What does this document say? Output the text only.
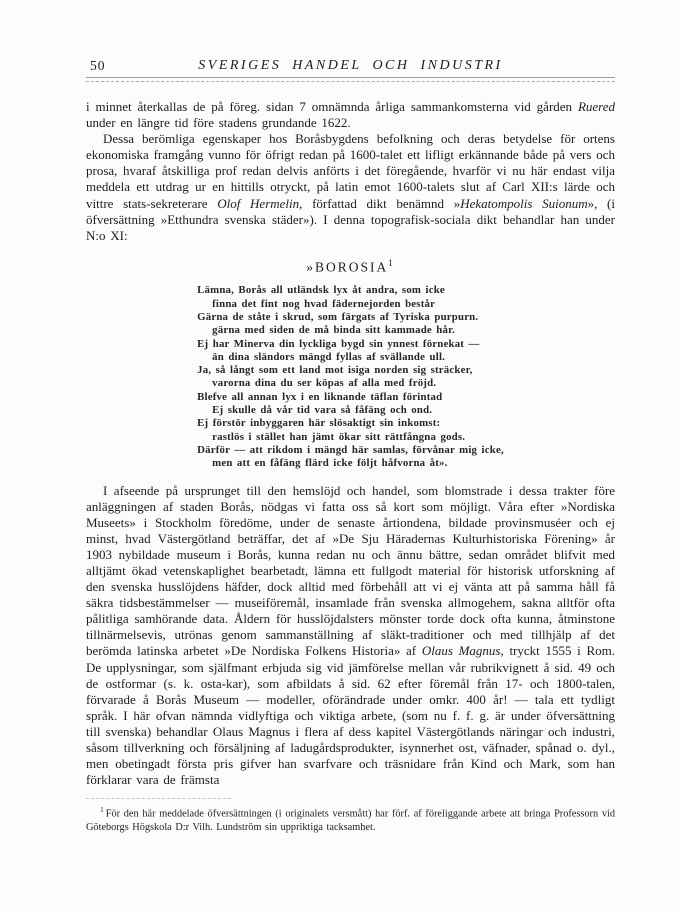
50	SVERIGES HANDEL OCH INDUSTRI

i minnet återkallas de på föreg. sidan 7 omnämnda årliga sammankomsterna vid gården Ruered under en längre tid före stadens grundande 1622.

Dessa berömliga egenskaper hos Boråsbygdens befolkning och deras betydelse för ortens ekonomiska framgång vunno för öfrigt redan på 1600-talet ett lifligt erkännande både på vers och prosa, hvaraf åtskilliga prof redan delvis anförts i det föregående, hvarför vi nu här endast vilja meddela ett utdrag ur en hittills otryckt, på latin emot 1600-talets slut af Carl XII:s lärde och vittre stats-sekreterare Olof Hermelin, författad dikt benämnd »Hekatompolis Suionum», (i öfversättning »Etthundra svenska städer»). I denna topografisk-sociala dikt behandlar han under N:o XI:

»BOROSIA$^1$
Lämna, Borås all utländsk lyx åt andra, som icke
finna det fint nog hvad fädernejorden består
Gärna de ståte i skrud, som färgats af Tyriska purpurn.
gärna med siden de må binda sitt kammade hår.
Ej har Minerva din lyckliga bygd sin ynnest förnekat —
än dina sländors mängd fyllas af svällande ull.
Ja, så långt som ett land mot isiga norden sig sträcker,
varorna dina du ser köpas af alla med fröjd.
Blefve all annan lyx i en liknande täflan förintad
Ej skulle då vår tid vara så fåfäng och ond.
Ej förstör inbyggaren här slösaktigt sin inkomst:
rastlös i stället han jämt ökar sitt rättfångna gods.
Därför — att rikdom i mängd här samlas, förvånar mig icke,
men att en fåfäng flärd icke följt håfvorna åt».

I afseende på ursprunget till den hemslöjd och handel, som blomstrade i dessa trakter före anläggningen af staden Borås, nödgas vi fatta oss så kort som möjligt. Våra efter »Nordiska Museets» i Stockholm föredöme, under de senaste årtiondena, bildade provinsmuséer och ej minst, hvad Västergötland beträffar, det af »De Sju Häradernas Kulturhistoriska Förening» år 1903 nybildade museum i Borås, kunna redan nu och ännu bättre, sedan området blifvit med alltjämt ökad vetenskaplighet bearbetadt, lämna ett fullgodt material för historisk utforskning af den svenska husslöjdens häfder, dock alltid med förbehåll att vi ej vänta att på samma håll få säkra tidsbestämmelser — museiföremål, insamlade från svenska allmogehem, sakna alltför ofta pålitliga samhörande data. Åldern för husslöjdalsters mönster torde dock ofta kunna, åtminstone tillnärmelsevis, utrönas genom sammanställning af släkt-traditioner och med tillhjälp af det berömda latinska arbetet »De Nordiska Folkens Historia» af Olaus Magnus, tryckt 1555 i Rom. De upplysningar, som själfmant erbjuda sig vid jämförelse mellan vår rubrikvignett å sid. 49 och de ostformar (s. k. osta-kar), som afbildats å sid. 62 efter föremål från 17- och 1800-talen, förvarade å Borås Museum — modeller, oförändrade under omkr. 400 år! — tala ett tydligt språk. I här ofvan nämnda vidlyftiga och viktiga arbete, (som nu f. f. g. är under öfversättning till svenska) behandlar Olaus Magnus i flera af dess kapitel Västergötlands näringar och industri, såsom tillverkning och försäljning af ladugårdsprodukter, isynnerhet ost, väfnader, spånad o. dyl., men obetingadt första pris gifver han svarfvare och träsnidare från Kind och Mark, som han förklarar vara de främsta

$^1$ För den här meddelade öfversättningen (i originalets versmått) har förf. af föreliggande arbete att bringa Professorn vid Göteborgs Högskola D:r Vilh. Lundström sin uppriktiga tacksamhet.
